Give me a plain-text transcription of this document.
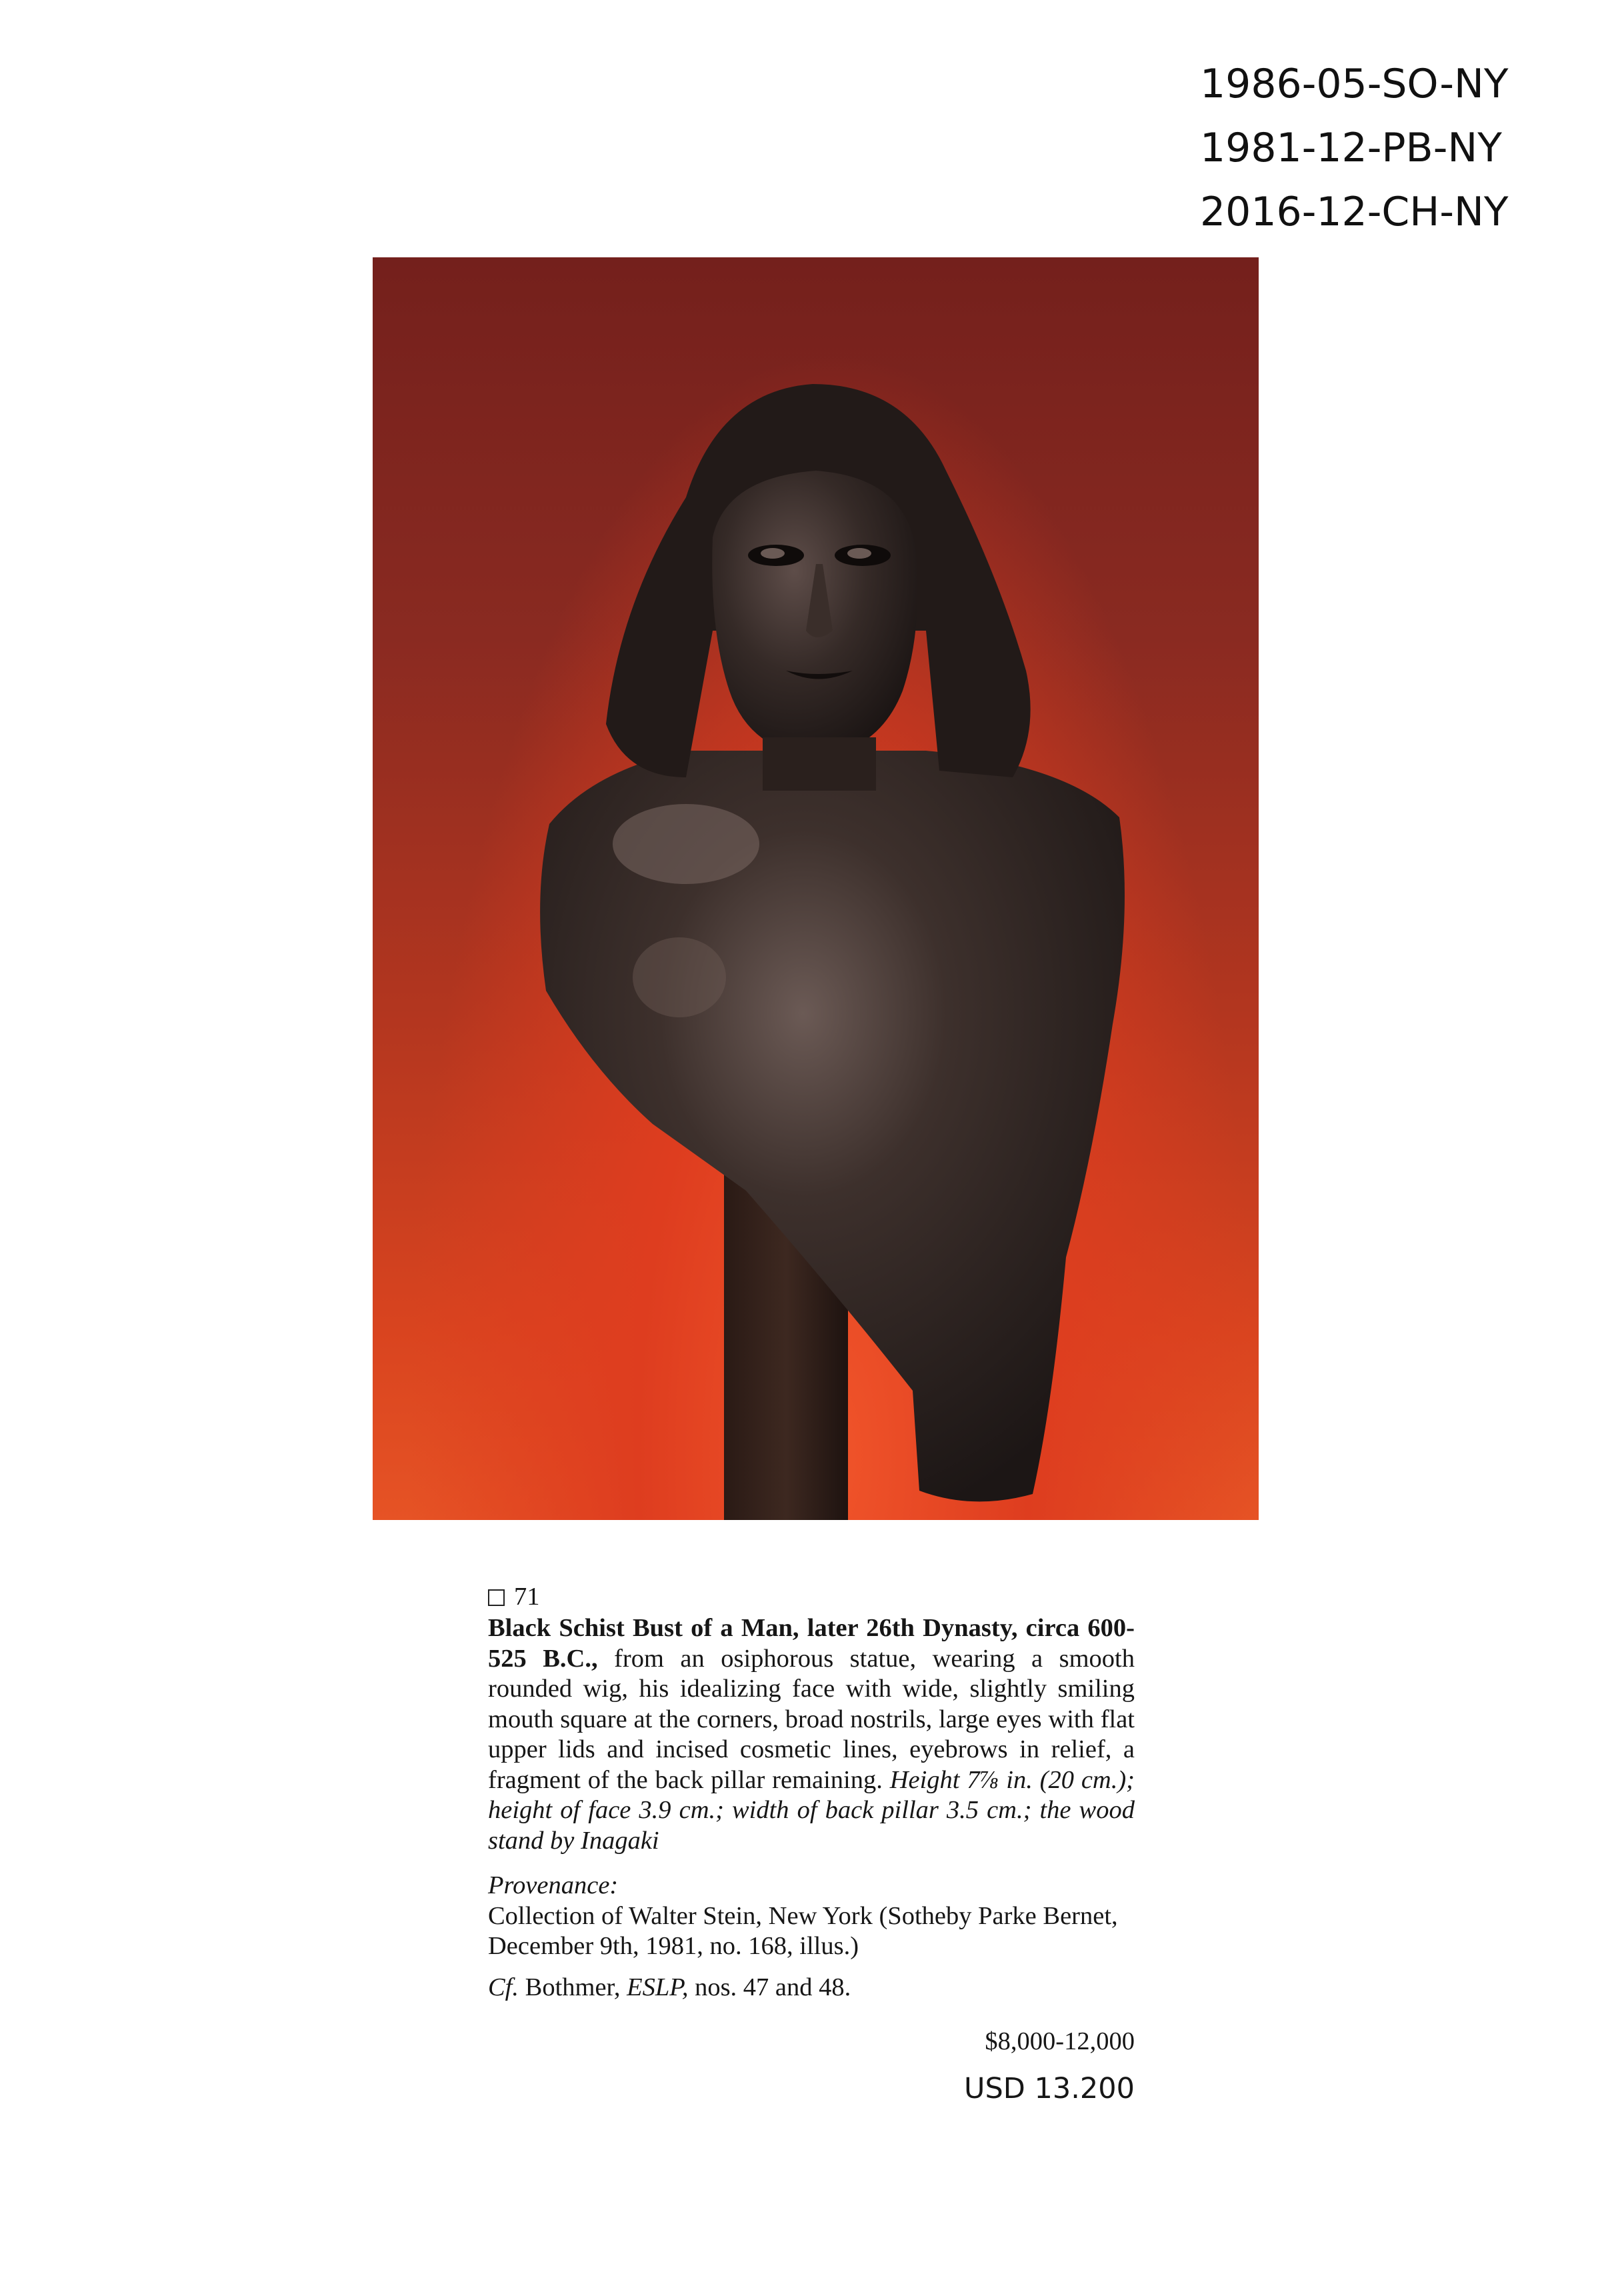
1986-05-SO-NY
1981-12-PB-NY
2016-12-CH-NY
71
Black Schist Bust of a Man, later 26th Dynasty, circa 600-525 B.C., from an osiphorous statue, wearing a smooth rounded wig, his idealizing face with wide, slightly smiling mouth square at the corners, broad nostrils, large eyes with flat upper lids and incised cosmetic lines, eyebrows in relief, a fragment of the back pillar remaining. Height 7⅞ in. (20 cm.); height of face 3.9 cm.; width of back pillar 3.5 cm.; the wood stand by Inagaki
Provenance:
Collection of Walter Stein, New York (Sotheby Parke Bernet, December 9th, 1981, no. 168, illus.)
Cf. Bothmer, ESLP, nos. 47 and 48.
$8,000-12,000
USD 13.200
